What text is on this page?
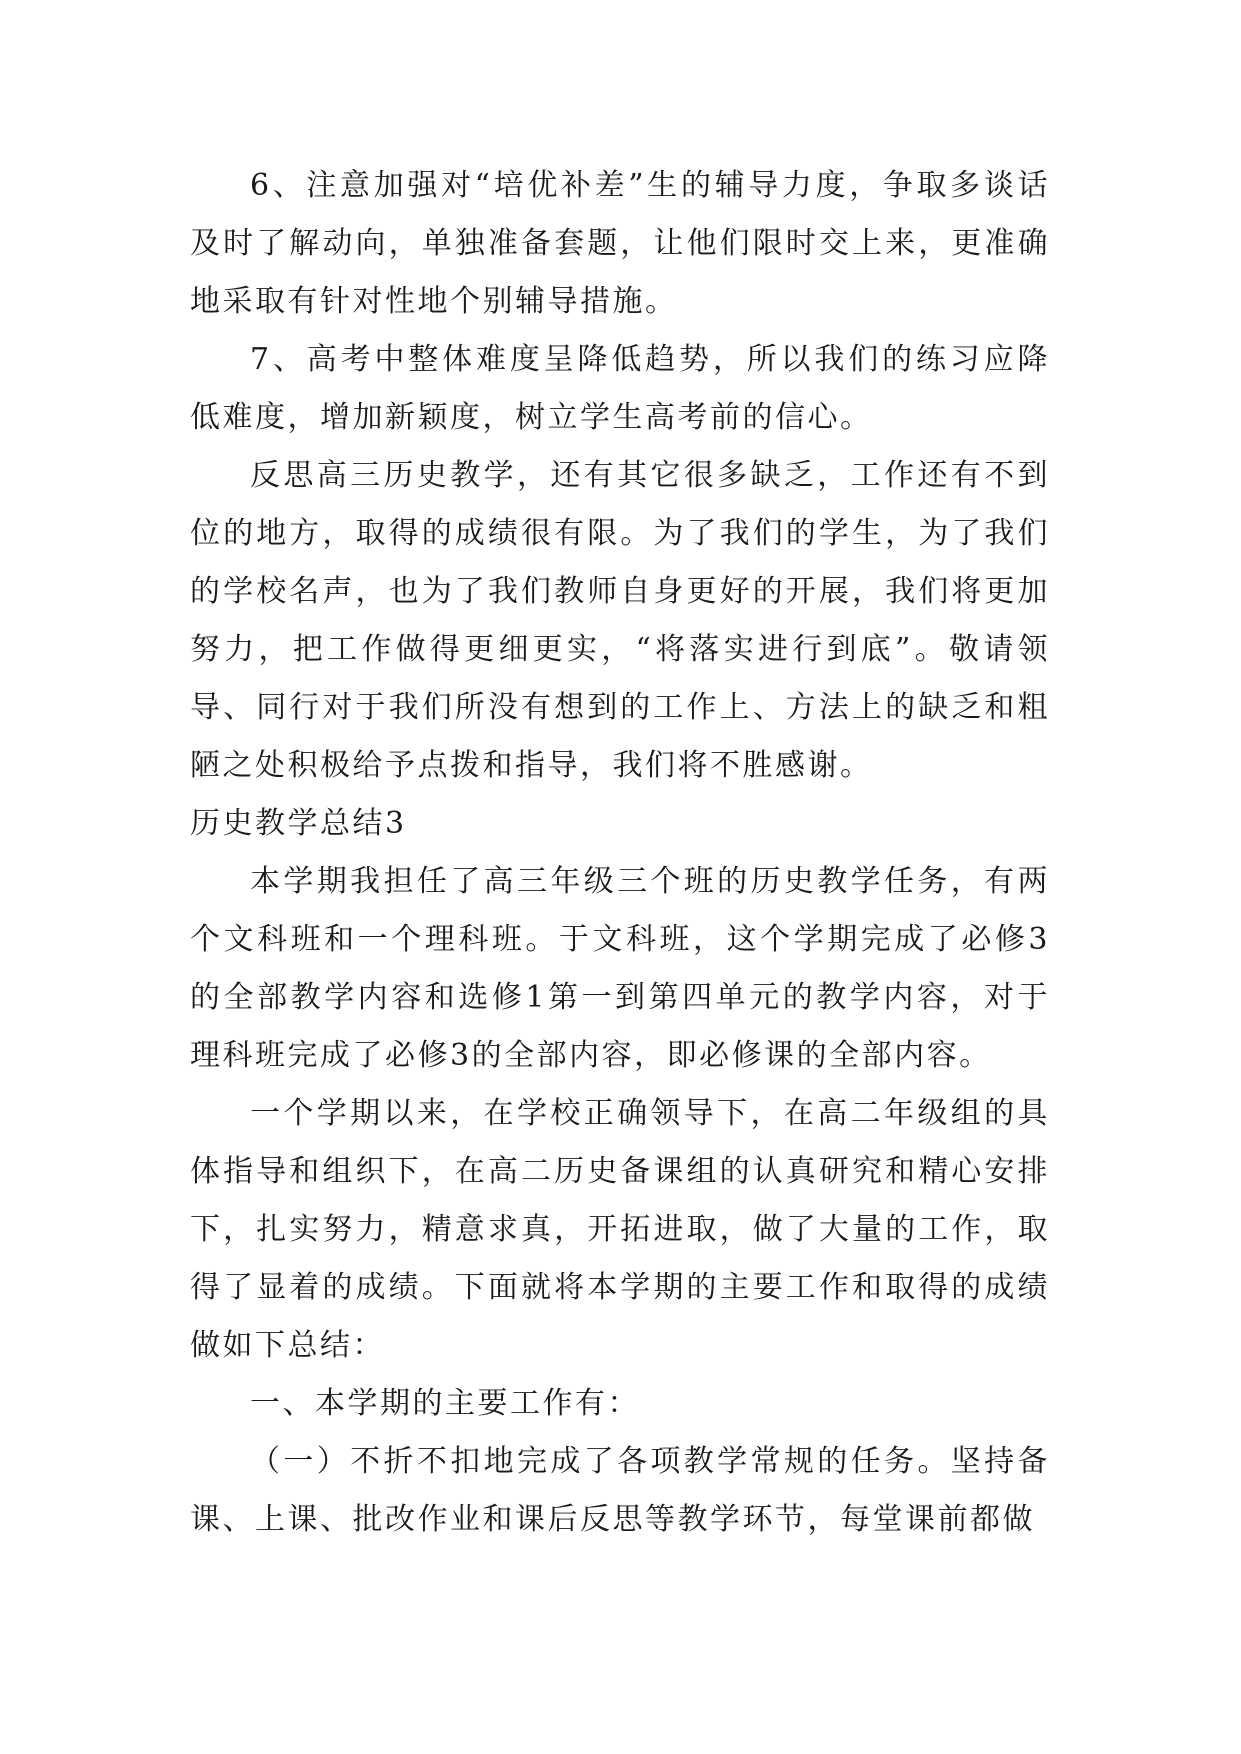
6、注意加强对“培优补差”生的辅导力度，争取多谈话及时了解动向，单独准备套题，让他们限时交上来，更准确地采取有针对性地个别辅导措施。

7、高考中整体难度呈降低趋势，所以我们的练习应降低难度，增加新颖度，树立学生高考前的信心。

反思高三历史教学，还有其它很多缺乏，工作还有不到位的地方，取得的成绩很有限。为了我们的学生，为了我们的学校名声，也为了我们教师自身更好的开展，我们将更加努力，把工作做得更细更实，“将落实进行到底”。敬请领导、同行对于我们所没有想到的工作上、方法上的缺乏和粗陋之处积极给予点拨和指导，我们将不胜感谢。

历史教学总结3

本学期我担任了高三年级三个班的历史教学任务，有两个文科班和一个理科班。于文科班，这个学期完成了必修3的全部教学内容和选修1第一到第四单元的教学内容，对于理科班完成了必修3的全部内容，即必修课的全部内容。

一个学期以来，在学校正确领导下，在高二年级组的具体指导和组织下，在高二历史备课组的认真研究和精心安排下，扎实努力，精意求真，开拓进取，做了大量的工作，取得了显着的成绩。下面就将本学期的主要工作和取得的成绩做如下总结：

一、本学期的主要工作有：

（一）不折不扣地完成了各项教学常规的任务。坚持备课、上课、批改作业和课后反思等教学环节，每堂课前都做
